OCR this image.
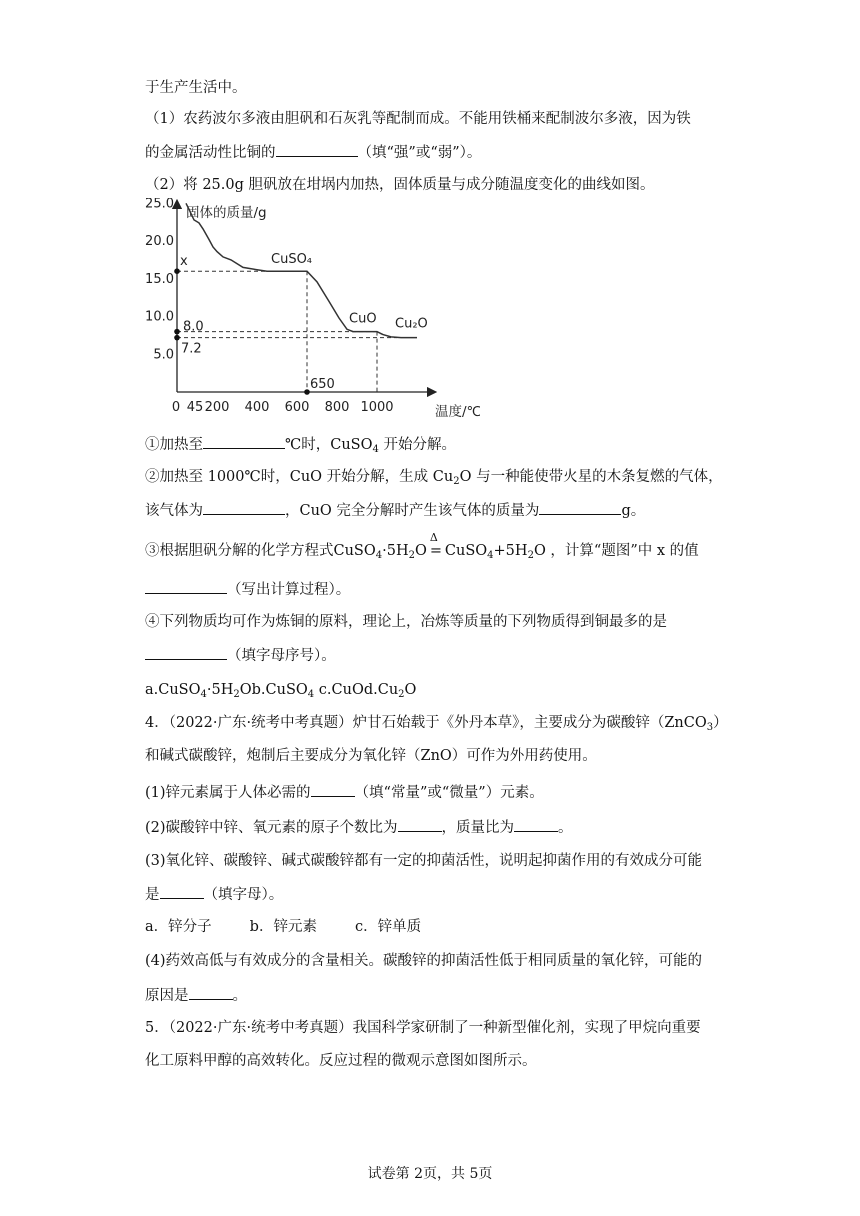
于生产生活中。
（1）农药波尔多液由胆矾和石灰乳等配制而成。不能用铁桶来配制波尔多液，因为铁
的金属活动性比铜的	（填“强”或“弱”）。
（2）将 25.0g 胆矾放在坩埚内加热，固体质量与成分随温度变化的曲线如图。
固体的质量/g
温度/℃
25.0
20.0
15.0
10.0
5.0
0 45 200 400 600 800 1000
x
8.0
7.2
650
CuSO₄
CuO Cu₂O
①加热至	℃时，CuSO$_4$ 开始分解。
②加热至 1000℃时，CuO 开始分解，生成 $Cu_2O$ 与一种能使带火星的木条复燃的气体，
该气体为	，CuO 完全分解时产生该气体的质量为	g。
③根据胆矾分解的化学方程式$CuSO_4\cdot 5H_2O$
Δ
= $CuSO_4+5H_2O$ ，计算“题图”中 x 的值
（写出计算过程）。
④下列物质均可作为炼铜的原料，理论上，冶炼等质量的下列物质得到铜最多的是
（填字母序号）。
$a.CuSO_4\cdot 5H_2Ob.CuSO_4$ $c.CuOd.Cu_2O$
4．（2022·广东·统考中考真题）炉甘石始载于《外丹本草》，主要成分为碳酸锌（ZnCO$_3$）
和碱式碳酸锌，炮制后主要成分为氧化锌（ZnO）可作为外用药使用。
(1)锌元素属于人体必需的	（填“常量”或“微量”）元素。
(2)碳酸锌中锌、氧元素的原子个数比为	，质量比为	。
(3)氧化锌、碳酸锌、碱式碳酸锌都有一定的抑菌活性，说明起抑菌作用的有效成分可能
是	（填字母）。
a．锌分子	b．锌元素	c．锌单质
(4)药效高低与有效成分的含量相关。碳酸锌的抑菌活性低于相同质量的氧化锌，可能的
原因是	。
5．（2022·广东·统考中考真题）我国科学家研制了一种新型催化剂，实现了甲烷向重要
化工原料甲醇的高效转化。反应过程的微观示意图如图所示。
试卷第 2页，共 5页
